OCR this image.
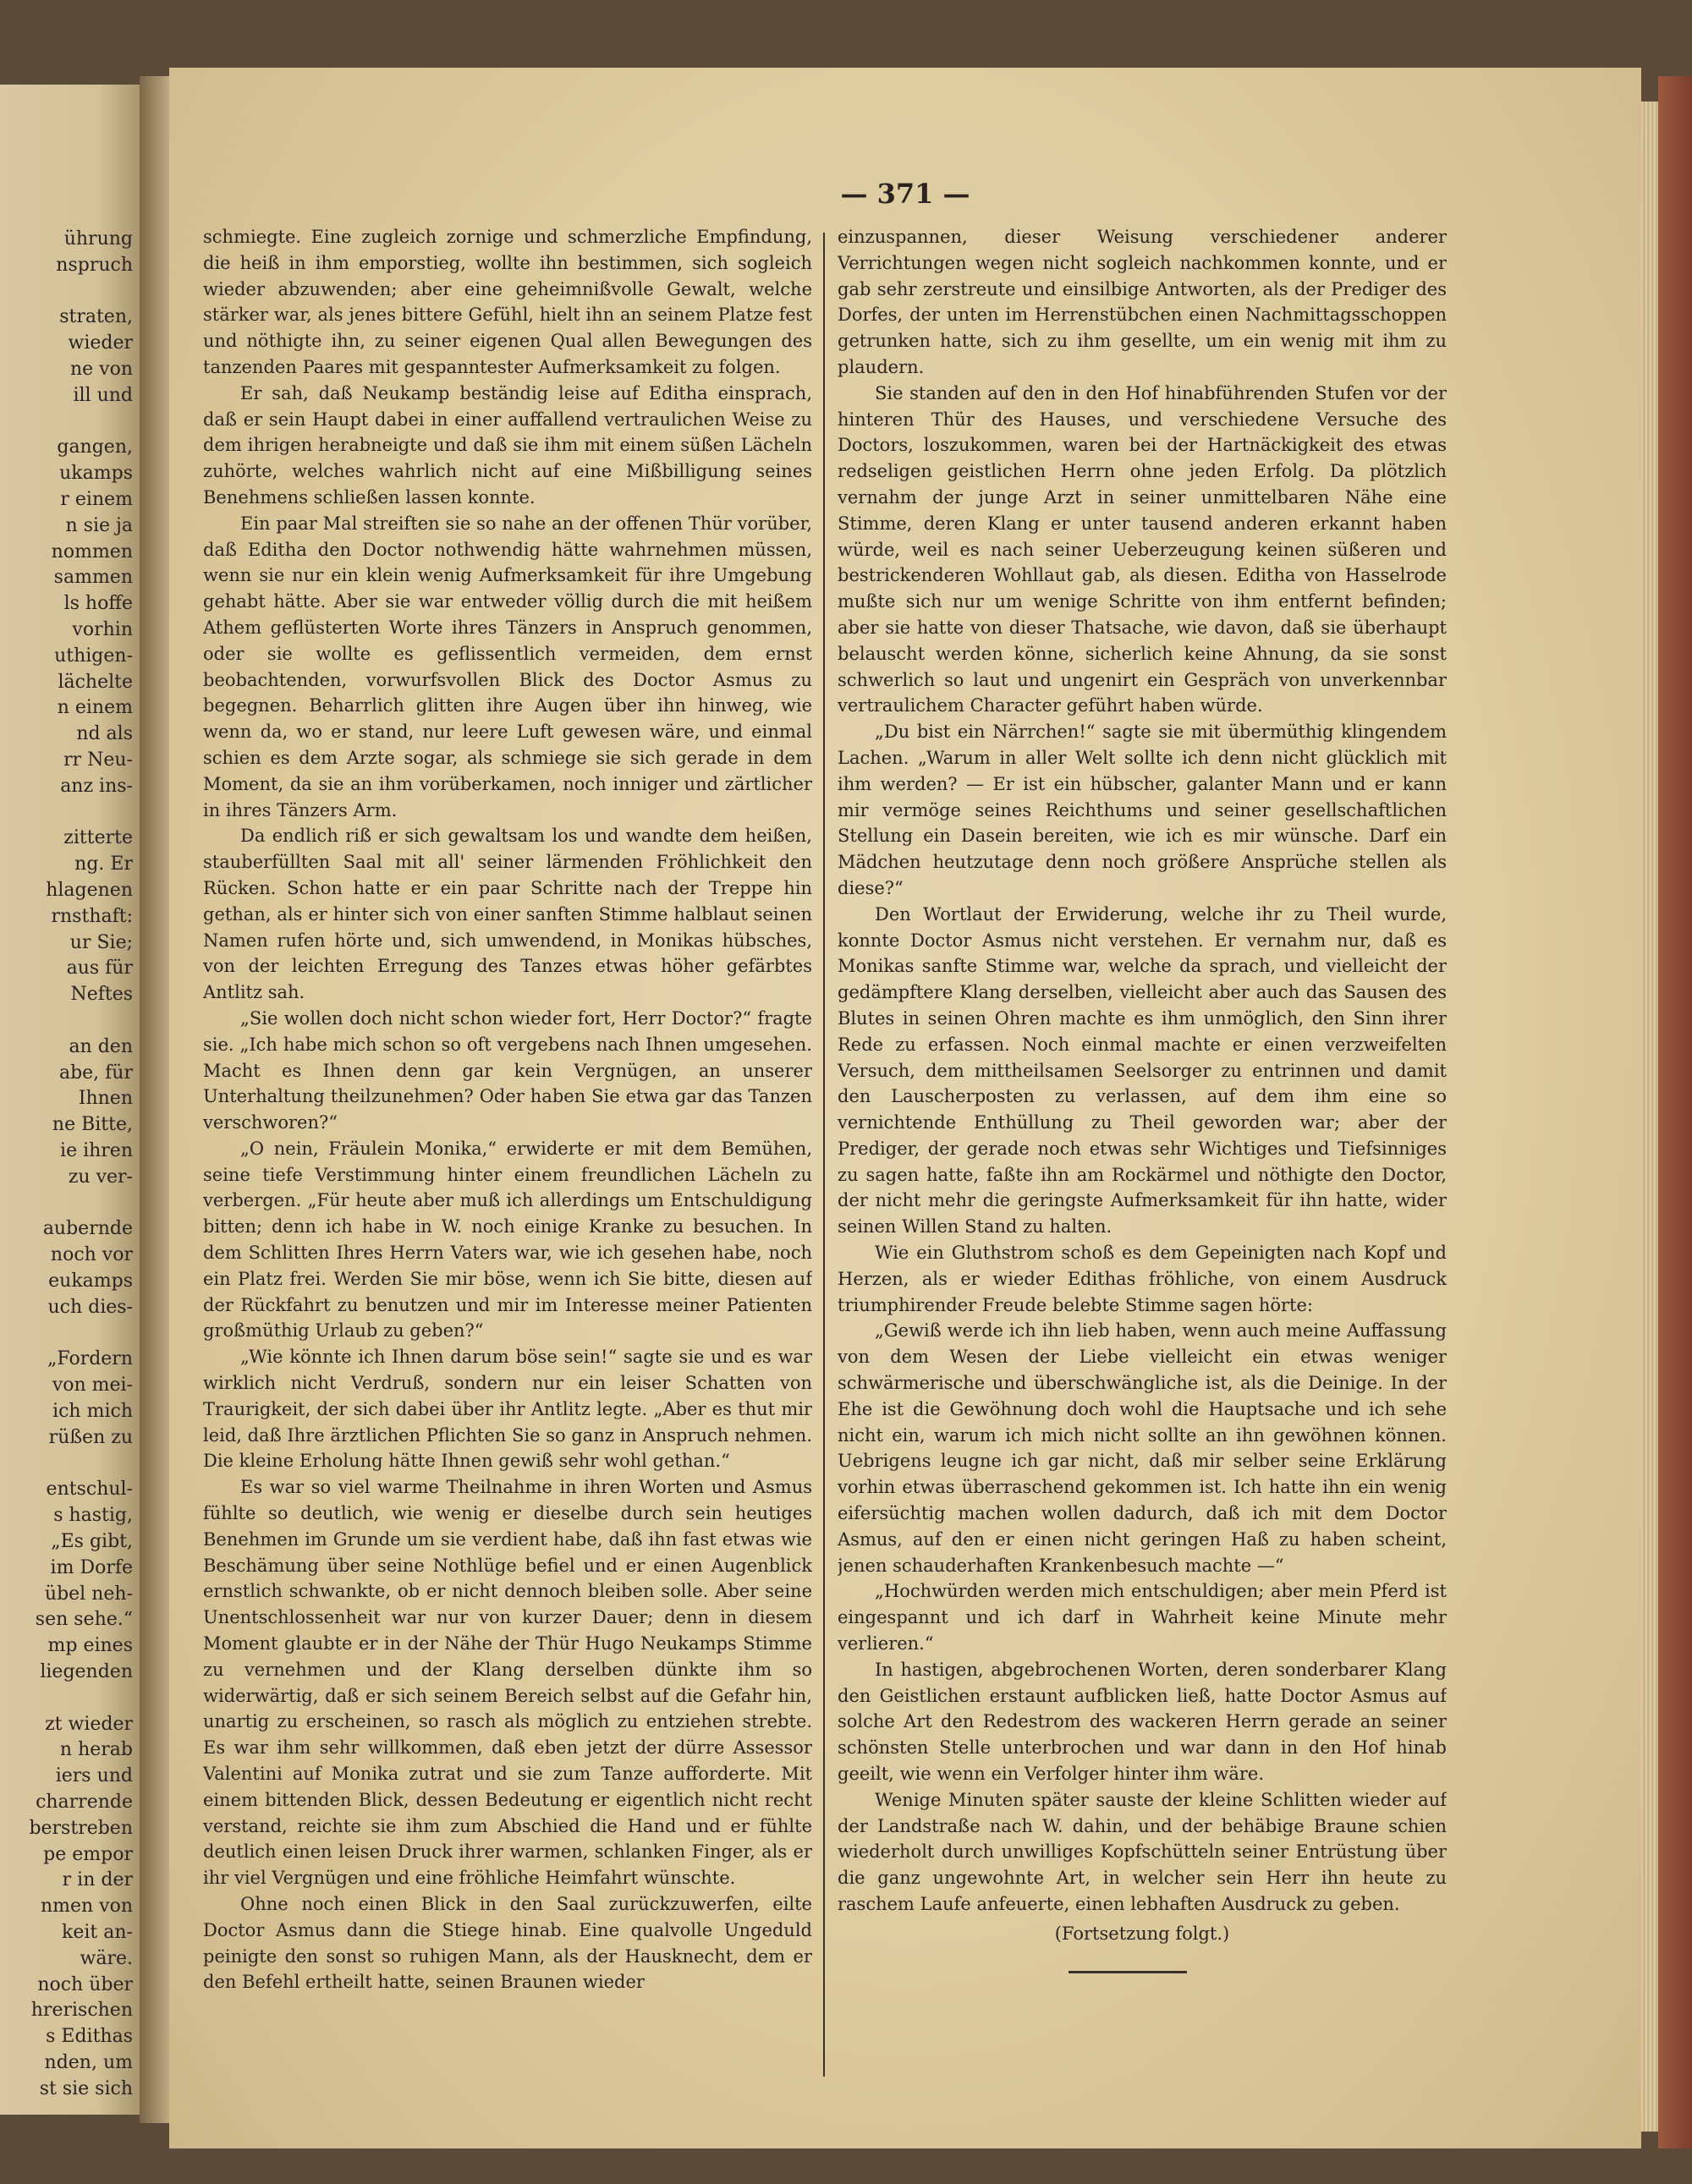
ührung
nspruch
straten,
wieder
ne von
ill und
gangen,
ukamps
r einem
n sie ja
nommen
sammen
ls hoffe
vorhin
uthigen-
lächelte
n einem
nd als
rr Neu-
anz ins-
zitterte
ng. Er
hlagenen
rnsthaft:
ur Sie;
aus für
Neftes
an den
abe, für
Ihnen
ne Bitte,
ie ihren
zu ver-
aubernde
noch vor
eukamps
uch dies-
„Fordern
von mei-
ich mich
rüßen zu
entschul-
s hastig,
„Es gibt,
im Dorfe
übel neh-
sen sehe.“
mp eines
liegenden
zt wieder
n herab
iers und
charrende
berstreben
pe empor
r in der
nmen von
keit an-
wäre.
noch über
hrerischen
s Edithas
nden, um
st sie sich
— 371 —

schmiegte. Eine zugleich zornige und schmerzliche Empfindung, die heiß in ihm emporstieg, wollte ihn bestimmen, sich sogleich wieder abzuwenden; aber eine geheimnißvolle Gewalt, welche stärker war, als jenes bittere Gefühl, hielt ihn an seinem Platze fest und nöthigte ihn, zu seiner eigenen Qual allen Bewegungen des tanzenden Paares mit gespanntester Aufmerksamkeit zu folgen.

Er sah, daß Neukamp beständig leise auf Editha einsprach, daß er sein Haupt dabei in einer auffallend vertraulichen Weise zu dem ihrigen herabneigte und daß sie ihm mit einem süßen Lächeln zuhörte, welches wahrlich nicht auf eine Mißbilligung seines Benehmens schließen lassen konnte.

Ein paar Mal streiften sie so nahe an der offenen Thür vorüber, daß Editha den Doctor nothwendig hätte wahrnehmen müssen, wenn sie nur ein klein wenig Aufmerksamkeit für ihre Umgebung gehabt hätte. Aber sie war entweder völlig durch die mit heißem Athem geflüsterten Worte ihres Tänzers in Anspruch genommen, oder sie wollte es geflissentlich vermeiden, dem ernst beobachtenden, vorwurfsvollen Blick des Doctor Asmus zu begegnen. Beharrlich glitten ihre Augen über ihn hinweg, wie wenn da, wo er stand, nur leere Luft gewesen wäre, und einmal schien es dem Arzte sogar, als schmiege sie sich gerade in dem Moment, da sie an ihm vorüberkamen, noch inniger und zärtlicher in ihres Tänzers Arm.

Da endlich riß er sich gewaltsam los und wandte dem heißen, stauberfüllten Saal mit all' seiner lärmenden Fröhlichkeit den Rücken. Schon hatte er ein paar Schritte nach der Treppe hin gethan, als er hinter sich von einer sanften Stimme halblaut seinen Namen rufen hörte und, sich umwendend, in Monikas hübsches, von der leichten Erregung des Tanzes etwas höher gefärbtes Antlitz sah.

„Sie wollen doch nicht schon wieder fort, Herr Doctor?“ fragte sie. „Ich habe mich schon so oft vergebens nach Ihnen umgesehen. Macht es Ihnen denn gar kein Vergnügen, an unserer Unterhaltung theilzunehmen? Oder haben Sie etwa gar das Tanzen verschworen?“

„O nein, Fräulein Monika,“ erwiderte er mit dem Bemühen, seine tiefe Verstimmung hinter einem freundlichen Lächeln zu verbergen. „Für heute aber muß ich allerdings um Entschuldigung bitten; denn ich habe in W. noch einige Kranke zu besuchen. In dem Schlitten Ihres Herrn Vaters war, wie ich gesehen habe, noch ein Platz frei. Werden Sie mir böse, wenn ich Sie bitte, diesen auf der Rückfahrt zu benutzen und mir im Interesse meiner Patienten großmüthig Urlaub zu geben?“

„Wie könnte ich Ihnen darum böse sein!“ sagte sie und es war wirklich nicht Verdruß, sondern nur ein leiser Schatten von Traurigkeit, der sich dabei über ihr Antlitz legte. „Aber es thut mir leid, daß Ihre ärztlichen Pflichten Sie so ganz in Anspruch nehmen. Die kleine Erholung hätte Ihnen gewiß sehr wohl gethan.“

Es war so viel warme Theilnahme in ihren Worten und Asmus fühlte so deutlich, wie wenig er dieselbe durch sein heutiges Benehmen im Grunde um sie verdient habe, daß ihn fast etwas wie Beschämung über seine Nothlüge befiel und er einen Augenblick ernstlich schwankte, ob er nicht dennoch bleiben solle. Aber seine Unentschlossenheit war nur von kurzer Dauer; denn in diesem Moment glaubte er in der Nähe der Thür Hugo Neukamps Stimme zu vernehmen und der Klang derselben dünkte ihm so widerwärtig, daß er sich seinem Bereich selbst auf die Gefahr hin, unartig zu erscheinen, so rasch als möglich zu entziehen strebte. Es war ihm sehr willkommen, daß eben jetzt der dürre Assessor Valentini auf Monika zutrat und sie zum Tanze aufforderte. Mit einem bittenden Blick, dessen Bedeutung er eigentlich nicht recht verstand, reichte sie ihm zum Abschied die Hand und er fühlte deutlich einen leisen Druck ihrer warmen, schlanken Finger, als er ihr viel Vergnügen und eine fröhliche Heimfahrt wünschte.

Ohne noch einen Blick in den Saal zurückzuwerfen, eilte Doctor Asmus dann die Stiege hinab. Eine qualvolle Ungeduld peinigte den sonst so ruhigen Mann, als der Hausknecht, dem er den Befehl ertheilt hatte, seinen Braunen wieder

einzuspannen, dieser Weisung verschiedener anderer Verrichtungen wegen nicht sogleich nachkommen konnte, und er gab sehr zerstreute und einsilbige Antworten, als der Prediger des Dorfes, der unten im Herrenstübchen einen Nachmittagsschoppen getrunken hatte, sich zu ihm gesellte, um ein wenig mit ihm zu plaudern.

Sie standen auf den in den Hof hinabführenden Stufen vor der hinteren Thür des Hauses, und verschiedene Versuche des Doctors, loszukommen, waren bei der Hartnäckigkeit des etwas redseligen geistlichen Herrn ohne jeden Erfolg. Da plötzlich vernahm der junge Arzt in seiner unmittelbaren Nähe eine Stimme, deren Klang er unter tausend anderen erkannt haben würde, weil es nach seiner Ueberzeugung keinen süßeren und bestrickenderen Wohllaut gab, als diesen. Editha von Hasselrode mußte sich nur um wenige Schritte von ihm entfernt befinden; aber sie hatte von dieser Thatsache, wie davon, daß sie überhaupt belauscht werden könne, sicherlich keine Ahnung, da sie sonst schwerlich so laut und ungenirt ein Gespräch von unverkennbar vertraulichem Character geführt haben würde.

„Du bist ein Närrchen!“ sagte sie mit übermüthig klingendem Lachen. „Warum in aller Welt sollte ich denn nicht glücklich mit ihm werden? — Er ist ein hübscher, galanter Mann und er kann mir vermöge seines Reichthums und seiner gesellschaftlichen Stellung ein Dasein bereiten, wie ich es mir wünsche. Darf ein Mädchen heutzutage denn noch größere Ansprüche stellen als diese?“

Den Wortlaut der Erwiderung, welche ihr zu Theil wurde, konnte Doctor Asmus nicht verstehen. Er vernahm nur, daß es Monikas sanfte Stimme war, welche da sprach, und vielleicht der gedämpftere Klang derselben, vielleicht aber auch das Sausen des Blutes in seinen Ohren machte es ihm unmöglich, den Sinn ihrer Rede zu erfassen. Noch einmal machte er einen verzweifelten Versuch, dem mittheilsamen Seelsorger zu entrinnen und damit den Lauscherposten zu verlassen, auf dem ihm eine so vernichtende Enthüllung zu Theil geworden war; aber der Prediger, der gerade noch etwas sehr Wichtiges und Tiefsinniges zu sagen hatte, faßte ihn am Rockärmel und nöthigte den Doctor, der nicht mehr die geringste Aufmerksamkeit für ihn hatte, wider seinen Willen Stand zu halten.

Wie ein Gluthstrom schoß es dem Gepeinigten nach Kopf und Herzen, als er wieder Edithas fröhliche, von einem Ausdruck triumphirender Freude belebte Stimme sagen hörte:

„Gewiß werde ich ihn lieb haben, wenn auch meine Auffassung von dem Wesen der Liebe vielleicht ein etwas weniger schwärmerische und überschwängliche ist, als die Deinige. In der Ehe ist die Gewöhnung doch wohl die Hauptsache und ich sehe nicht ein, warum ich mich nicht sollte an ihn gewöhnen können. Uebrigens leugne ich gar nicht, daß mir selber seine Erklärung vorhin etwas überraschend gekommen ist. Ich hatte ihn ein wenig eifersüchtig machen wollen dadurch, daß ich mit dem Doctor Asmus, auf den er einen nicht geringen Haß zu haben scheint, jenen schauderhaften Krankenbesuch machte —“

„Hochwürden werden mich entschuldigen; aber mein Pferd ist eingespannt und ich darf in Wahrheit keine Minute mehr verlieren.“

In hastigen, abgebrochenen Worten, deren sonderbarer Klang den Geistlichen erstaunt aufblicken ließ, hatte Doctor Asmus auf solche Art den Redestrom des wackeren Herrn gerade an seiner schönsten Stelle unterbrochen und war dann in den Hof hinab geeilt, wie wenn ein Verfolger hinter ihm wäre.

Wenige Minuten später sauste der kleine Schlitten wieder auf der Landstraße nach W. dahin, und der behäbige Braune schien wiederholt durch unwilliges Kopfschütteln seiner Entrüstung über die ganz ungewohnte Art, in welcher sein Herr ihn heute zu raschem Laufe anfeuerte, einen lebhaften Ausdruck zu geben.

(Fortsetzung folgt.)
